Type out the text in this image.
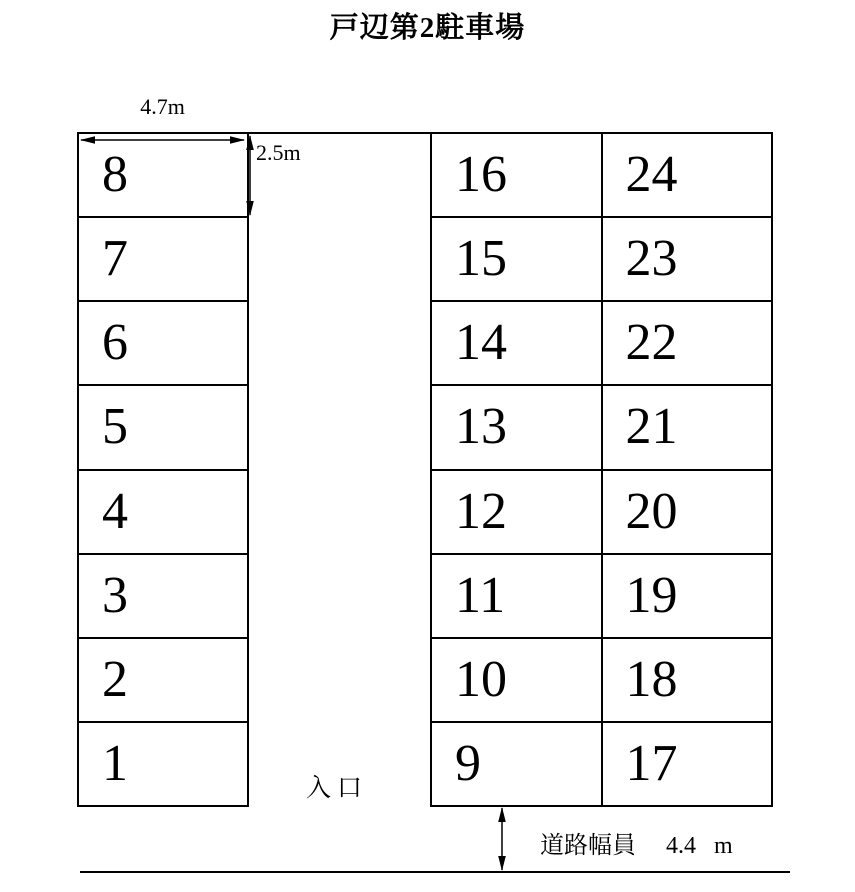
戸辺第2駐車場
4.7m
2.5m
8
7
6
5
4
3
2
1
16
15
14
13
12
11
10
9
24
23
22
21
20
19
18
17
入口
道路幅員 4.4 m
